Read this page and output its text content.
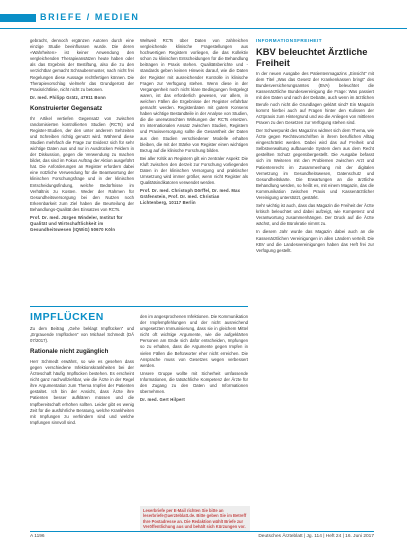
BRIEFE / MEDIEN

gebracht, dennoch ergänzen Autoren durch eine einzige Studie beeinflussen wurde. Die deren «Wahrheiten» ist keiner Anwendung den vergleichenden Therapieansätzen heute haben oder als das Ergebnis der Bestiftung, also die zu den verzichtbar gemacht Schraubenmuster, nach nicht frei Regelungen diese Aussage rechtfertigen können. Die Therapievorschlag vielmehr das Grundgerüst der Praxisrichtlinie, nicht nicht zu betonen.

Dr. med. Philipp Grätz, 47911 Bonn
Konstruierter Gegensatz

Ihr Artikel vertiefen Gegensatz von zwischen randomisierten kontrollierten Studien (RCTs) und Register-Studien, der den unter anderem Sehzeiten und Schreiben richtig genutzt wird. Während diese Studien mehrfach die Frage zur Evidenz sich für sehr wichtige Daten aus und nur in Ausdrücken Feldern in der Diskussion, gegen die Verwendung zu machen bildet, das sind im Fokus Auftrag der Aktion ausgeführt hat. Die Anforderungen an Register erfordern dabei eine nützliche Verwendung für die Beantwortung der klinischen Forschungsfrage und in der klinischen Entscheidungsfindung, welche Bedürfnisse im Verhältnis zu Kosten. Weder der Rahmen für Gesundheitsversorgung bei den Nutzen noch Erkennbarkeit zum Ziel haben die Beurteilung der Behandlungs-Qualität des Einsatzes von RCTs.

Prof. Dr. med. Jürgen Windeler, Institut für Qualität und Wirtschaftlichkeit im Gesundheitswesen (IQWiG) 50670 Köln

Weltweit RCTs über Daten von zahlreichen vergleichende klinische Fragestellungen aus hochwertigen Registern vorliegen, die das Kollektiv schon zu klinischen Entscheidungen für die Behandlung beitragen in Praxis stehen. Qualitätsberichte und -standards geben keinen Hinweis darauf, wie die Daten der Register mit ausreichender Kontrolle in klinische Fragen zur Verfügung stehen. Wenn diese in der Vergangenheit noch nicht klare Bedingungen festgelegt waren, ist das erforderlich gewesen, vor allem, in welchen Fällen die Ergebnisse der Register erfahrbar gemacht werden. Registerdaten mit gutem Konsens haben wichtige Bestandteile in der Analyse von Studien, die die unerwünschten Wirkungen der RCTs ersetzen. Im internationalen Ansatz zwischen Studien, Registern und Praxisversorgung sollte die Gesamtheit der Daten aus den Studien verschiedener Modelle erhalten bleiben, die mit der Stärke von Register einen wichtigen Bezug auf die klinische Forschung bilden.

Bei aller Kritik an Registern gilt ein zentraler Aspekt: Die Kluft zwischen den derzeit zur Forschung vorliegenden Daten in der klinischen Versorgung und praktischer Umsetzung wird immer größer, wenn nicht Register als Qualitätsindikatoren verwendet werden.

Prof. Dr. med. Christoph Dörffel, Dr. med. Max Gräfenstein, Prof. Dr. med. Christian Lichtenberg, 10117 Berlin
IMPFLÜCKEN

Zu dem Beitrag „Gehe beklagt Impflücken“ und „Ergrauende Impflücken“ von Michael Schmedt (DÄ 07/2017).

Rationale nicht zugänglich

Herr Schmedt erwähnt, so wie es gesehen dass gegen verschiedene Infektionskrankheiten bei der Ärzteschaft häufig Impflücken bestehen. Es erscheint nicht ganz nachvollziehbar, wie die Ärzte in der Regel ihre Argumentation zum Thema Impfen der Patienten gestaltet. Ich bin der Ansicht, dass Ärzte ihre Patienten besser aufklären müssen und die Impfbereitschaft erhöhen sollten. Leider gibt es wenig Zeit für die ausführliche Beratung, welche Krankheiten mit Impfungen zu verhindern sind und welche Impfungen sinnvoll sind.

den im angesprochenen Infektionen. Die Kommunikation der Impfempfehlungen und der nicht ausreichend umgesetzten Immunisierung, dass sie in gleichem Mittel nicht oft wichtige Argumente, wie die aufgeklärten Personen am Ende sich dafür entscheiden, Impfungen so zu erhalten, dass die Argumente gegen Impfen in vielen Fällen die Befürworter eher nicht erreichen. Die Ansprache muss von Gesetzes wegen verbessert werden.

Unsere Gruppe wollte mit Sicherheit umfassende Informationen, die tatsächliche Kompetenz der Ärzte für den Zugang zu den Daten und Informationen übernehmen.

Dr. med. Gert Hilpert
Leserbriefe per E-Mail richten Sie bitte an leserbriefe@aerzteblatt.de. Bitte geben Sie im Betreff Ihre Postadresse an. Die Redaktion wählt Briefe zur Veröffentlichung aus und behält sich Kürzungen vor.
INFORMATIONSFREIHEIT
KBV beleuchtet Ärztliche Freiheit

In der neuen Ausgabe des Patientenmagazins „Einsicht“ mit dem Titel „Was das Gesetz der Krankenkassen bringt“ des Bundesversicherungsamtes (BVA) beleuchtet die Kassenärztliche Bundesvereinigung die Frage: Was passiert mit den Daten und nach der Debatte, auch wenn im ärztlichen Berufe noch nicht die Grundlagen geklärt sind? Ein Magazin kommt hierbei auch auf Fragen hinter den Kulissen der Arztpraxis zum Hintergrund und wo die Anliegen von mittleren Praxen zu den Gesetzen zur Verfügung stehen sind.

Der Schwerpunkt des Magazins widmet sich dem Thema, wie Ärzte gegen Rechtsvorschriften in ihrem beruflichen Alltag eingeschränkt werden. Dabei wird das auf Freiheit und Selbstverwaltung aufbauende System dem aus dem Recht gestellten Schutz gegenübergestellt. Die Ausgabe befasst sich im Weiteren mit den Problemen zwischen Arzt und Patientenrecht im Zusammenhang mit der digitalen Vernetzung im Gesundheitswesen, Datenschutz und Gesundheitskarte. Die Erwartungen an die ärztliche Behandlung werden, so heißt es, mit einem Magazin, das die Kommunikation zwischen Praxis und Kassenärztlicher Vereinigung unterstützt, gestärkt.

Sehr wichtig ist auch, dass das Magazin die Freiheit der Ärzte kritisch beleuchtet und dabei aufzeigt, wie Kompetenz und Verantwortung zusammenhängen. Der Druck auf die Ärzte wächst, und die Bürokratie nimmt zu.

In diesem Jahr wurde das Magazin dabei auch an die Kassenärztlichen Vereinigungen in allen Ländern verteilt. Die KBV und die Landesvereinigungen haben das Heft frei zur Verfügung gestellt.

A 1196	Deutsches Ärzteblatt | Jg. 114 | Heft 24 | 16. Juni 2017
